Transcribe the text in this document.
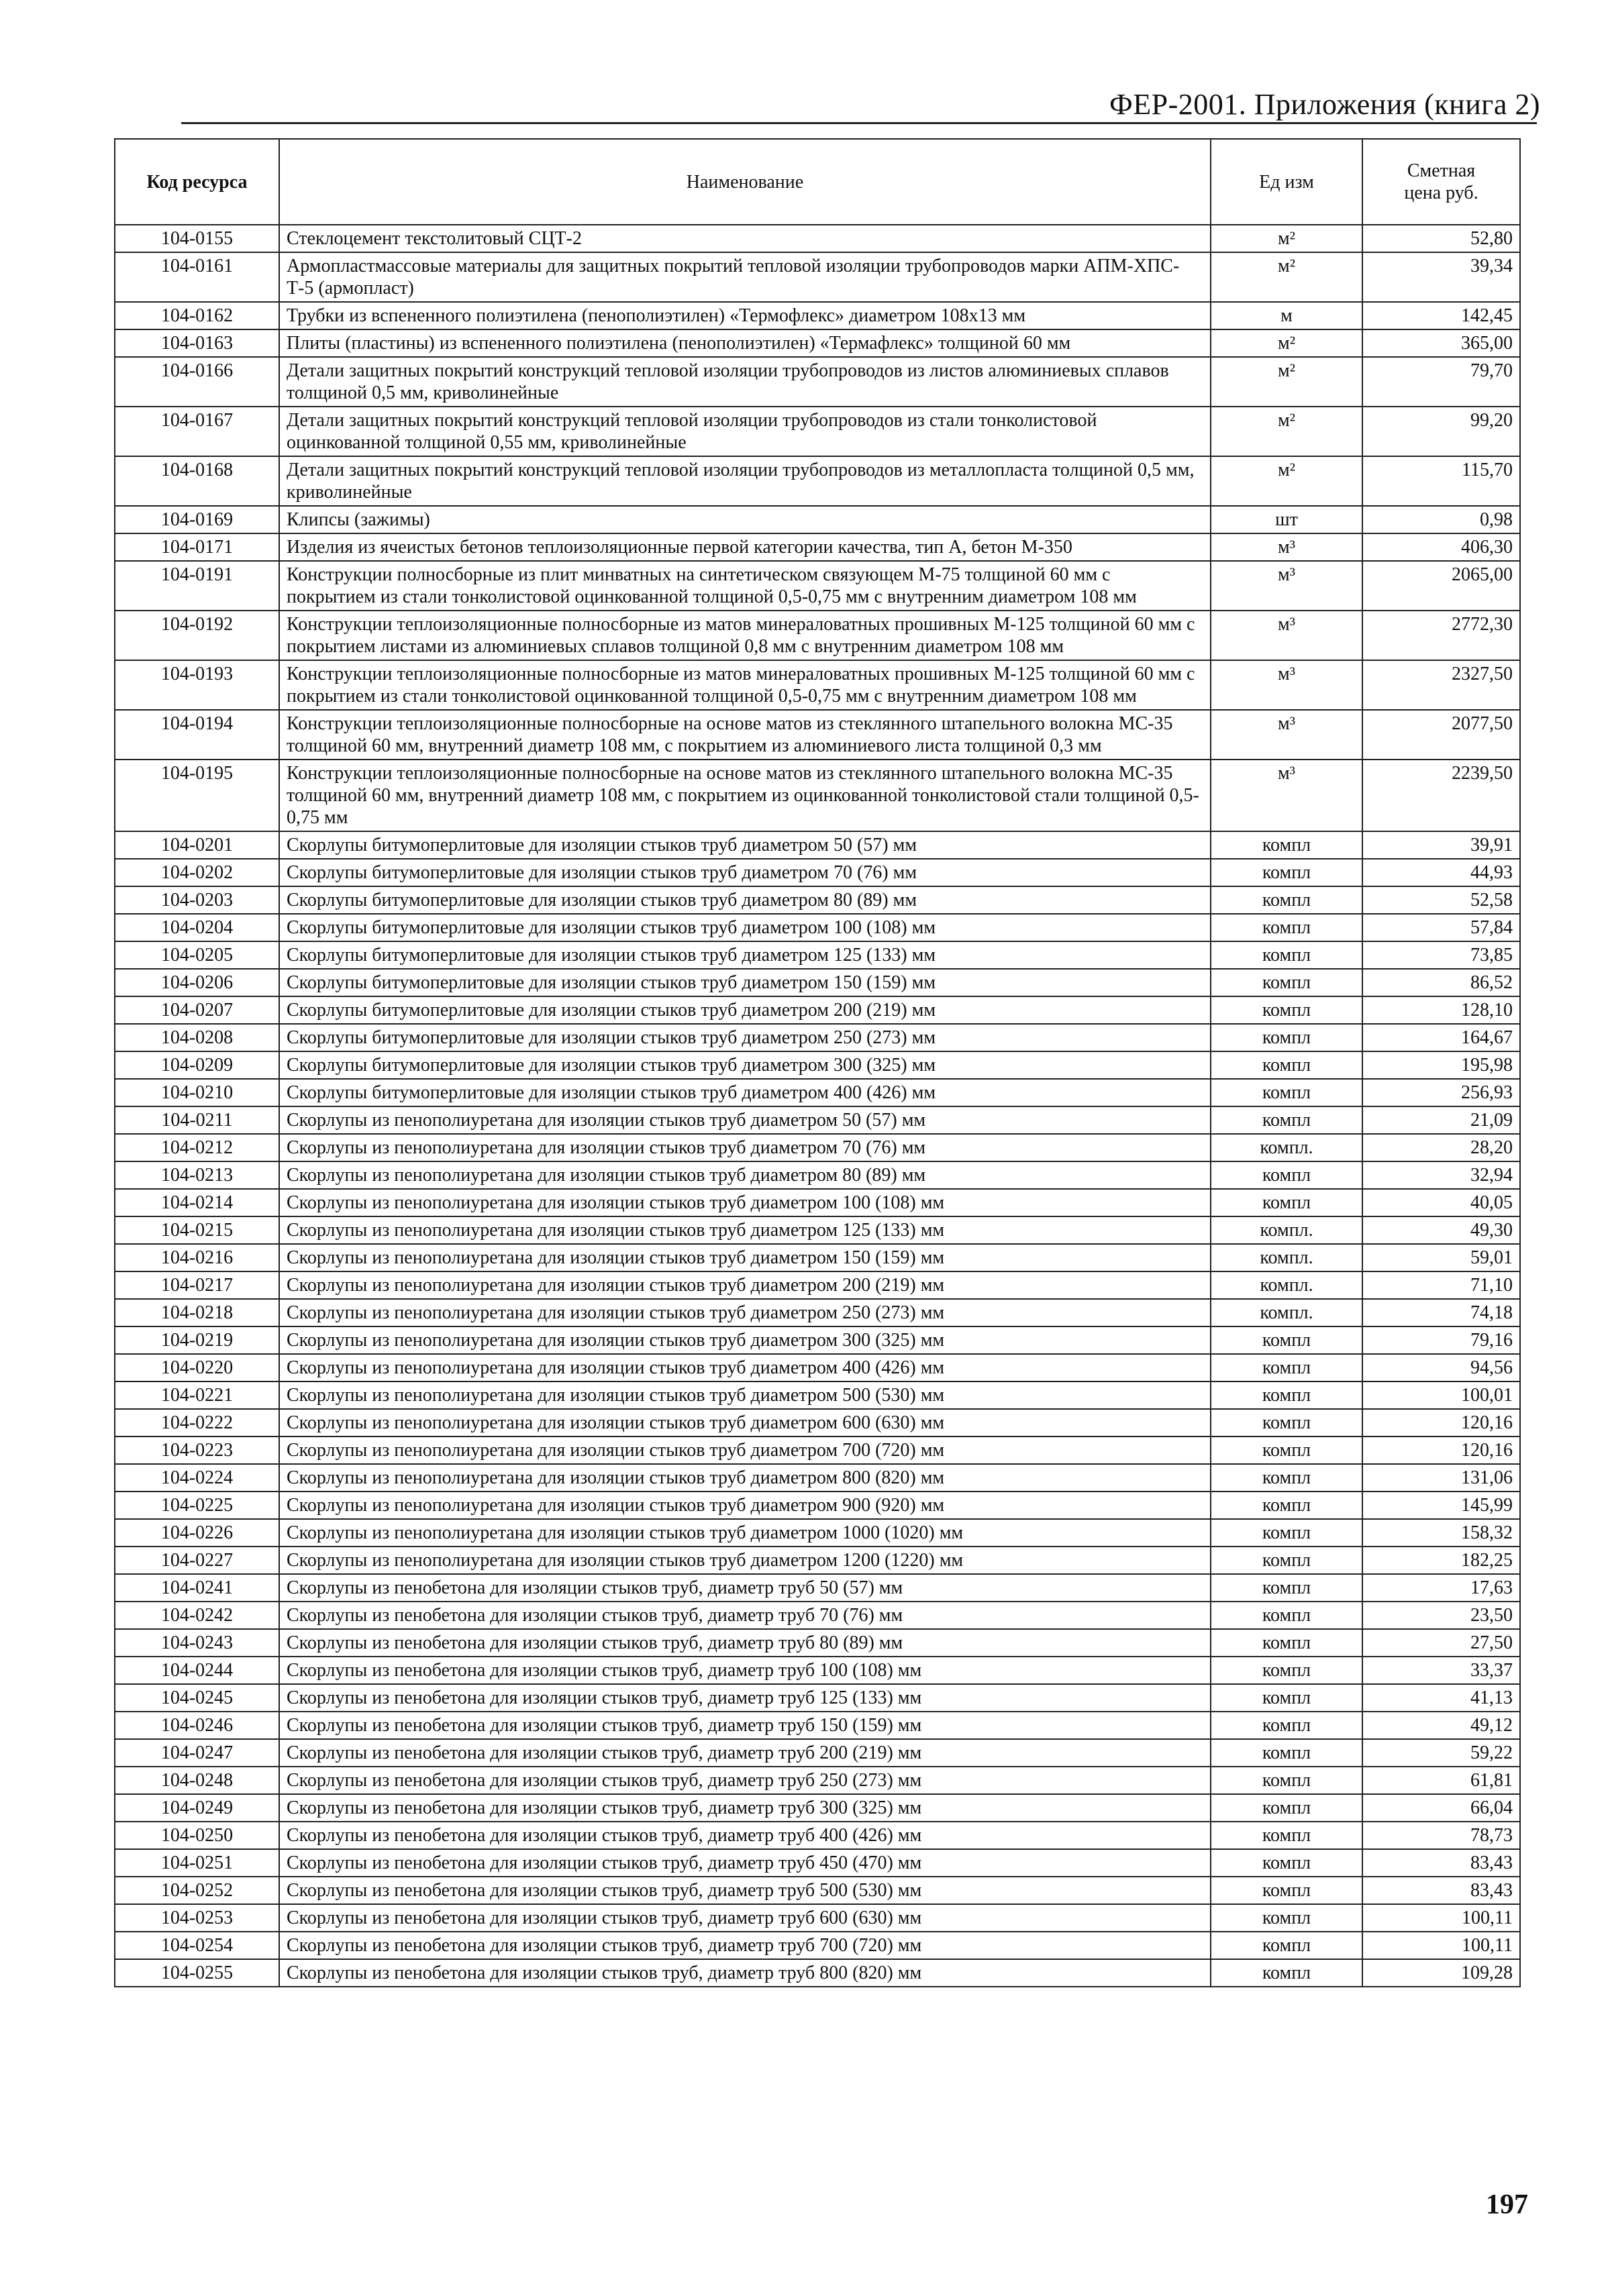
ФЕР-2001. Приложения (книга 2)
Код ресурса	Наименование	Ед изм	Сметная цена руб.
104-0155	Стеклоцемент текстолитовый СЦТ-2	м²	52,80
104-0161	Армопластмассовые материалы для защитных покрытий тепловой изоляции трубопроводов марки АПМ-ХПС-Т-5 (армопласт)	м²	39,34
104-0162	Трубки из вспененного полиэтилена (пенополиэтилен) «Термофлекс» диаметром 108х13 мм	м	142,45
104-0163	Плиты (пластины) из вспененного полиэтилена (пенополиэтилен) «Термафлекс» толщиной 60 мм	м²	365,00
104-0166	Детали защитных покрытий конструкций тепловой изоляции трубопроводов из листов алюминиевых сплавов толщиной 0,5 мм, криволинейные	м²	79,70
104-0167	Детали защитных покрытий конструкций тепловой изоляции трубопроводов из стали тонколистовой оцинкованной толщиной 0,55 мм, криволинейные	м²	99,20
104-0168	Детали защитных покрытий конструкций тепловой изоляции трубопроводов из металлопласта толщиной 0,5 мм, криволинейные	м²	115,70
104-0169	Клипсы (зажимы)	шт	0,98
104-0171	Изделия из ячеистых бетонов теплоизоляционные первой категории качества, тип А, бетон М-350	м³	406,30
104-0191	Конструкции полносборные из плит минватных на синтетическом связующем М-75 толщиной 60 мм с покрытием из стали тонколистовой оцинкованной толщиной 0,5-0,75 мм с внутренним диаметром 108 мм	м³	2065,00
104-0192	Конструкции теплоизоляционные полносборные из матов минераловатных прошивных М-125 толщиной 60 мм с покрытием листами из алюминиевых сплавов толщиной 0,8 мм с внутренним диаметром 108 мм	м³	2772,30
104-0193	Конструкции теплоизоляционные полносборные из матов минераловатных прошивных М-125 толщиной 60 мм с покрытием из стали тонколистовой оцинкованной толщиной 0,5-0,75 мм с внутренним диаметром 108 мм	м³	2327,50
104-0194	Конструкции теплоизоляционные полносборные на основе матов из стеклянного штапельного волокна МС-35 толщиной 60 мм, внутренний диаметр 108 мм, с покрытием из алюминиевого листа толщиной 0,3 мм	м³	2077,50
104-0195	Конструкции теплоизоляционные полносборные на основе матов из стеклянного штапельного волокна МС-35 толщиной 60 мм, внутренний диаметр 108 мм, с покрытием из оцинкованной тонколистовой стали толщиной 0,5-0,75 мм	м³	2239,50
104-0201	Скорлупы битумоперлитовые для изоляции стыков труб диаметром 50 (57) мм	компл	39,91
104-0202	Скорлупы битумоперлитовые для изоляции стыков труб диаметром 70 (76) мм	компл	44,93
104-0203	Скорлупы битумоперлитовые для изоляции стыков труб диаметром 80 (89) мм	компл	52,58
104-0204	Скорлупы битумоперлитовые для изоляции стыков труб диаметром 100 (108) мм	компл	57,84
104-0205	Скорлупы битумоперлитовые для изоляции стыков труб диаметром 125 (133) мм	компл	73,85
104-0206	Скорлупы битумоперлитовые для изоляции стыков труб диаметром 150 (159) мм	компл	86,52
104-0207	Скорлупы битумоперлитовые для изоляции стыков труб диаметром 200 (219) мм	компл	128,10
104-0208	Скорлупы битумоперлитовые для изоляции стыков труб диаметром 250 (273) мм	компл	164,67
104-0209	Скорлупы битумоперлитовые для изоляции стыков труб диаметром 300 (325) мм	компл	195,98
104-0210	Скорлупы битумоперлитовые для изоляции стыков труб диаметром 400 (426) мм	компл	256,93
104-0211	Скорлупы из пенополиуретана для изоляции стыков труб диаметром 50 (57) мм	компл	21,09
104-0212	Скорлупы из пенополиуретана для изоляции стыков труб диаметром 70 (76) мм	компл.	28,20
104-0213	Скорлупы из пенополиуретана для изоляции стыков труб диаметром 80 (89) мм	компл	32,94
104-0214	Скорлупы из пенополиуретана для изоляции стыков труб диаметром 100 (108) мм	компл	40,05
104-0215	Скорлупы из пенополиуретана для изоляции стыков труб диаметром 125 (133) мм	компл.	49,30
104-0216	Скорлупы из пенополиуретана для изоляции стыков труб диаметром 150 (159) мм	компл.	59,01
104-0217	Скорлупы из пенополиуретана для изоляции стыков труб диаметром 200 (219) мм	компл.	71,10
104-0218	Скорлупы из пенополиуретана для изоляции стыков труб диаметром 250 (273) мм	компл.	74,18
104-0219	Скорлупы из пенополиуретана для изоляции стыков труб диаметром 300 (325) мм	компл	79,16
104-0220	Скорлупы из пенополиуретана для изоляции стыков труб диаметром 400 (426) мм	компл	94,56
104-0221	Скорлупы из пенополиуретана для изоляции стыков труб диаметром 500 (530) мм	компл	100,01
104-0222	Скорлупы из пенополиуретана для изоляции стыков труб диаметром 600 (630) мм	компл	120,16
104-0223	Скорлупы из пенополиуретана для изоляции стыков труб диаметром 700 (720) мм	компл	120,16
104-0224	Скорлупы из пенополиуретана для изоляции стыков труб диаметром 800 (820) мм	компл	131,06
104-0225	Скорлупы из пенополиуретана для изоляции стыков труб диаметром 900 (920) мм	компл	145,99
104-0226	Скорлупы из пенополиуретана для изоляции стыков труб диаметром 1000 (1020) мм	компл	158,32
104-0227	Скорлупы из пенополиуретана для изоляции стыков труб диаметром 1200 (1220) мм	компл	182,25
104-0241	Скорлупы из пенобетона для изоляции стыков труб, диаметр труб 50 (57) мм	компл	17,63
104-0242	Скорлупы из пенобетона для изоляции стыков труб, диаметр труб 70 (76) мм	компл	23,50
104-0243	Скорлупы из пенобетона для изоляции стыков труб, диаметр труб 80 (89) мм	компл	27,50
104-0244	Скорлупы из пенобетона для изоляции стыков труб, диаметр труб 100 (108) мм	компл	33,37
104-0245	Скорлупы из пенобетона для изоляции стыков труб, диаметр труб 125 (133) мм	компл	41,13
104-0246	Скорлупы из пенобетона для изоляции стыков труб, диаметр труб 150 (159) мм	компл	49,12
104-0247	Скорлупы из пенобетона для изоляции стыков труб, диаметр труб 200 (219) мм	компл	59,22
104-0248	Скорлупы из пенобетона для изоляции стыков труб, диаметр труб 250 (273) мм	компл	61,81
104-0249	Скорлупы из пенобетона для изоляции стыков труб, диаметр труб 300 (325) мм	компл	66,04
104-0250	Скорлупы из пенобетона для изоляции стыков труб, диаметр труб 400 (426) мм	компл	78,73
104-0251	Скорлупы из пенобетона для изоляции стыков труб, диаметр труб 450 (470) мм	компл	83,43
104-0252	Скорлупы из пенобетона для изоляции стыков труб, диаметр труб 500 (530) мм	компл	83,43
104-0253	Скорлупы из пенобетона для изоляции стыков труб, диаметр труб 600 (630) мм	компл	100,11
104-0254	Скорлупы из пенобетона для изоляции стыков труб, диаметр труб 700 (720) мм	компл	100,11
104-0255	Скорлупы из пенобетона для изоляции стыков труб, диаметр труб 800 (820) мм	компл	109,28
197
